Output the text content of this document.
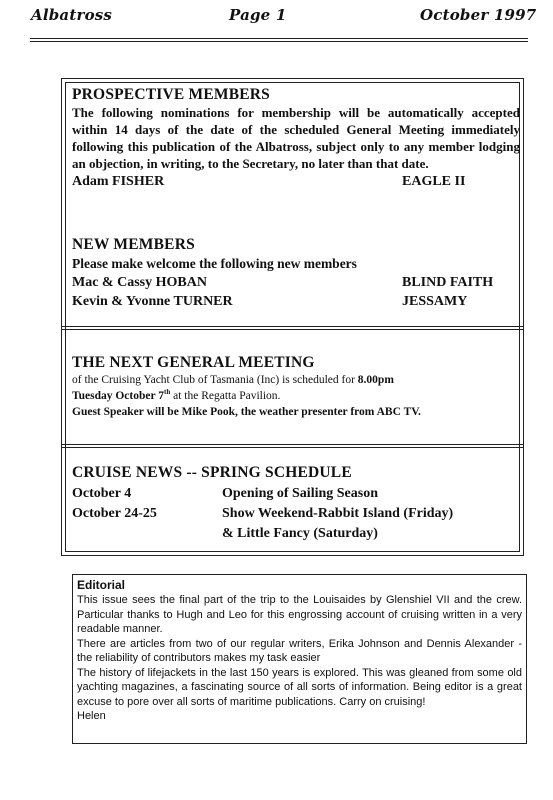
Albatross	Page 1	October 1997
PROSPECTIVE MEMBERS
The following nominations for membership will be automatically accepted within 14 days of the date of the scheduled General Meeting immediately following this publication of the Albatross, subject only to any member lodging an objection, in writing, to the Secretary, no later than that date.
Adam FISHER	EAGLE II
NEW MEMBERS
Please make welcome the following new members
Mac & Cassy HOBAN	BLIND FAITH
Kevin & Yvonne TURNER	JESSAMY
THE NEXT GENERAL MEETING
of the Cruising Yacht Club of Tasmania (Inc) is scheduled for 8.00pm
Tuesday October 7th at the Regatta Pavilion.
Guest Speaker will be Mike Pook, the weather presenter from ABC TV.
CRUISE NEWS -- SPRING SCHEDULE
October 4	Opening of Sailing Season
October 24-25	Show Weekend-Rabbit Island (Friday)
& Little Fancy (Saturday)
Editorial
This issue sees the final part of the trip to the Louisaides by Glenshiel VII and the crew. Particular thanks to Hugh and Leo for this engrossing account of cruising written in a very readable manner.
There are articles from two of our regular writers, Erika Johnson and Dennis Alexander - the reliability of contributors makes my task easier
The history of lifejackets in the last 150 years is explored. This was gleaned from some old yachting magazines, a fascinating source of all sorts of information. Being editor is a great excuse to pore over all sorts of maritime publications. Carry on cruising!
Helen
